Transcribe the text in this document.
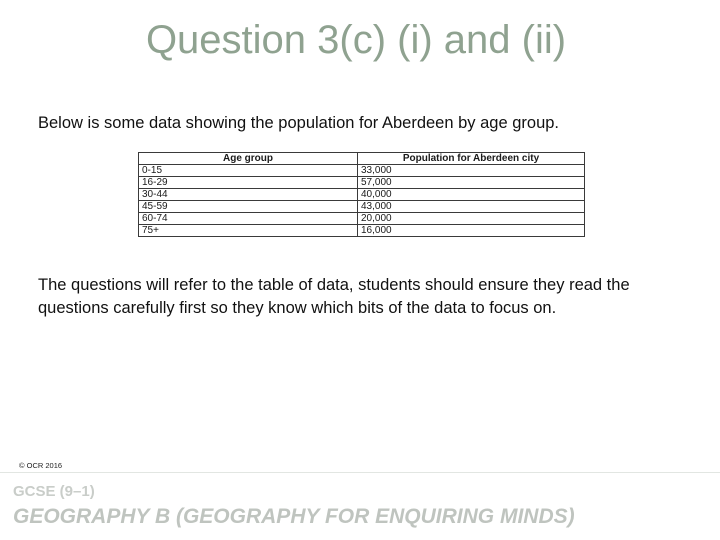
Question 3(c) (i) and (ii)
Below is some data showing the population for Aberdeen by age group.
Age group	Population for Aberdeen city
0-15	33,000
16-29	57,000
30-44	40,000
45-59	43,000
60-74	20,000
75+	16,000
The questions will refer to the table of data, students should ensure they read the questions carefully first so they know which bits of the data to focus on.
© OCR 2016
GCSE (9–1)
GEOGRAPHY B (GEOGRAPHY FOR ENQUIRING MINDS)
